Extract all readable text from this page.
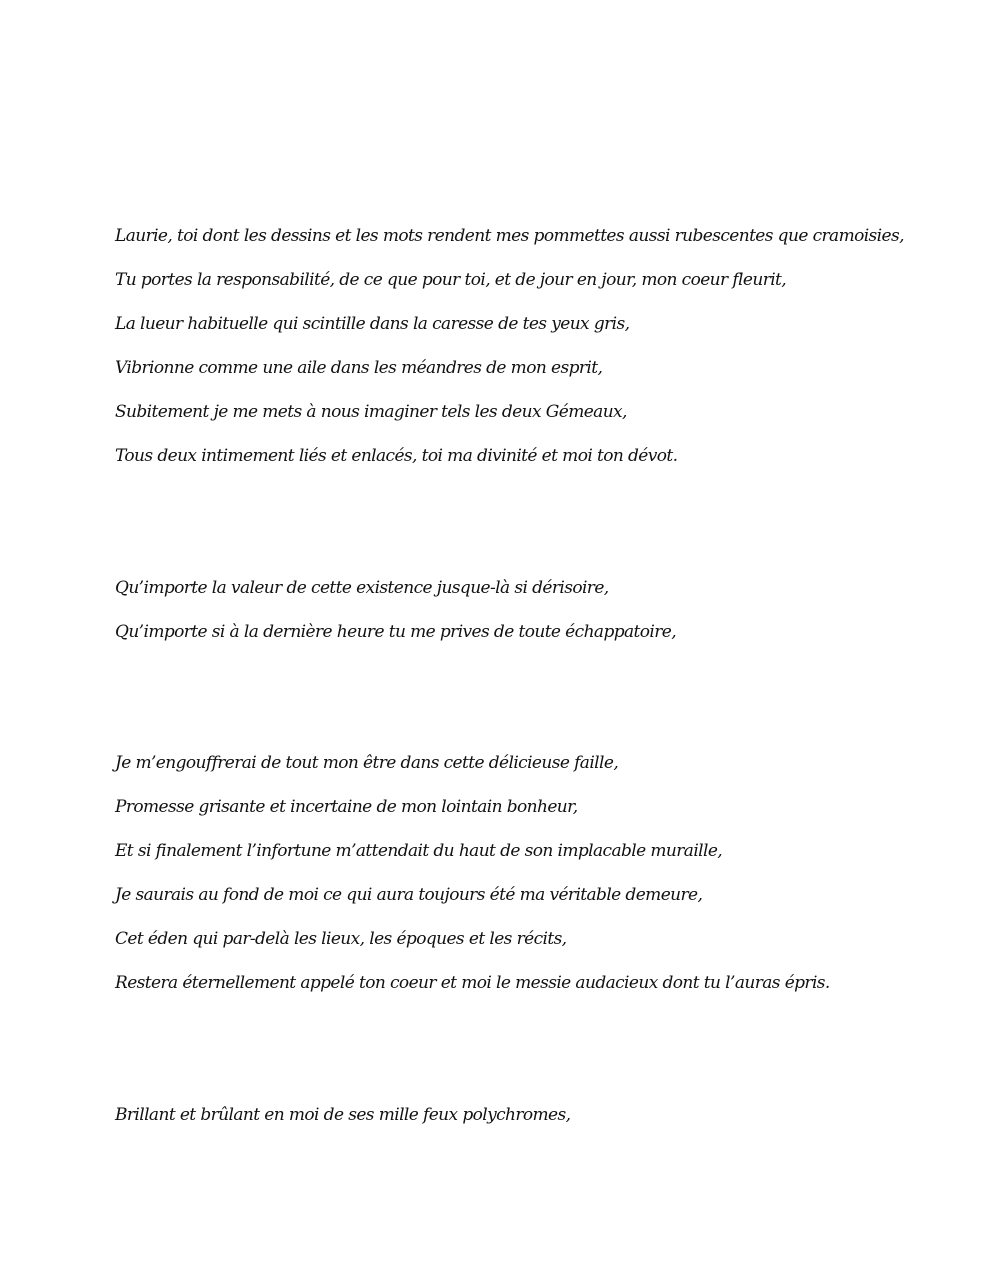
Laurie, toi dont les dessins et les mots rendent mes pommettes aussi rubescentes que cramoisies,
Tu portes la responsabilité, de ce que pour toi, et de jour en jour, mon coeur fleurit,
La lueur habituelle qui scintille dans la caresse de tes yeux gris,
Vibrionne comme une aile dans les méandres de mon esprit,
Subitement je me mets à nous imaginer tels les deux Gémeaux,
Tous deux intimement liés et enlacés, toi ma divinité et moi ton dévot.
Qu’importe la valeur de cette existence jusque-là si dérisoire,
Qu’importe si à la dernière heure tu me prives de toute échappatoire,
Je m’engouffrerai de tout mon être dans cette délicieuse faille,
Promesse grisante et incertaine de mon lointain bonheur,
Et si finalement l’infortune m’attendait du haut de son implacable muraille,
Je saurais au fond de moi ce qui aura toujours été ma véritable demeure,
Cet éden qui par-delà les lieux, les époques et les récits,
Restera éternellement appelé ton coeur et moi le messie audacieux dont tu l’auras épris.
Brillant et brûlant en moi de ses mille feux polychromes,
